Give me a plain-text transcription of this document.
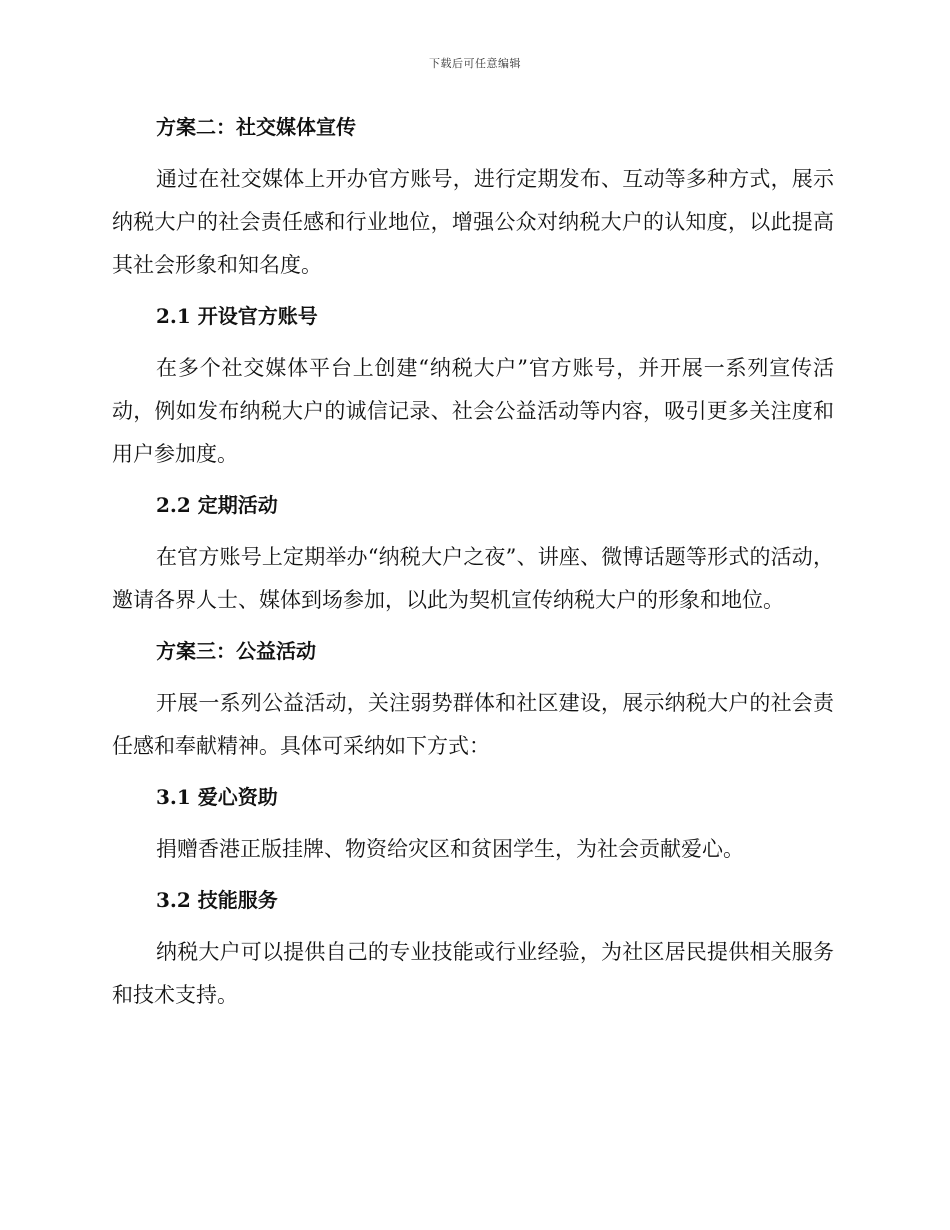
下载后可任意编辑
方案二：社交媒体宣传

通过在社交媒体上开办官方账号，进行定期发布、互动等多种方式，展示纳税大户的社会责任感和行业地位，增强公众对纳税大户的认知度，以此提高其社会形象和知名度。

2.1 开设官方账号

在多个社交媒体平台上创建“纳税大户”官方账号，并开展一系列宣传活动，例如发布纳税大户的诚信记录、社会公益活动等内容，吸引更多关注度和用户参加度。

2.2 定期活动

在官方账号上定期举办“纳税大户之夜”、讲座、微博话题等形式的活动，邀请各界人士、媒体到场参加，以此为契机宣传纳税大户的形象和地位。

方案三：公益活动

开展一系列公益活动，关注弱势群体和社区建设，展示纳税大户的社会责任感和奉献精神。具体可采纳如下方式：

3.1 爱心资助

捐赠香港正版挂牌、物资给灾区和贫困学生，为社会贡献爱心。

3.2 技能服务

纳税大户可以提供自己的专业技能或行业经验，为社区居民提供相关服务和技术支持。
